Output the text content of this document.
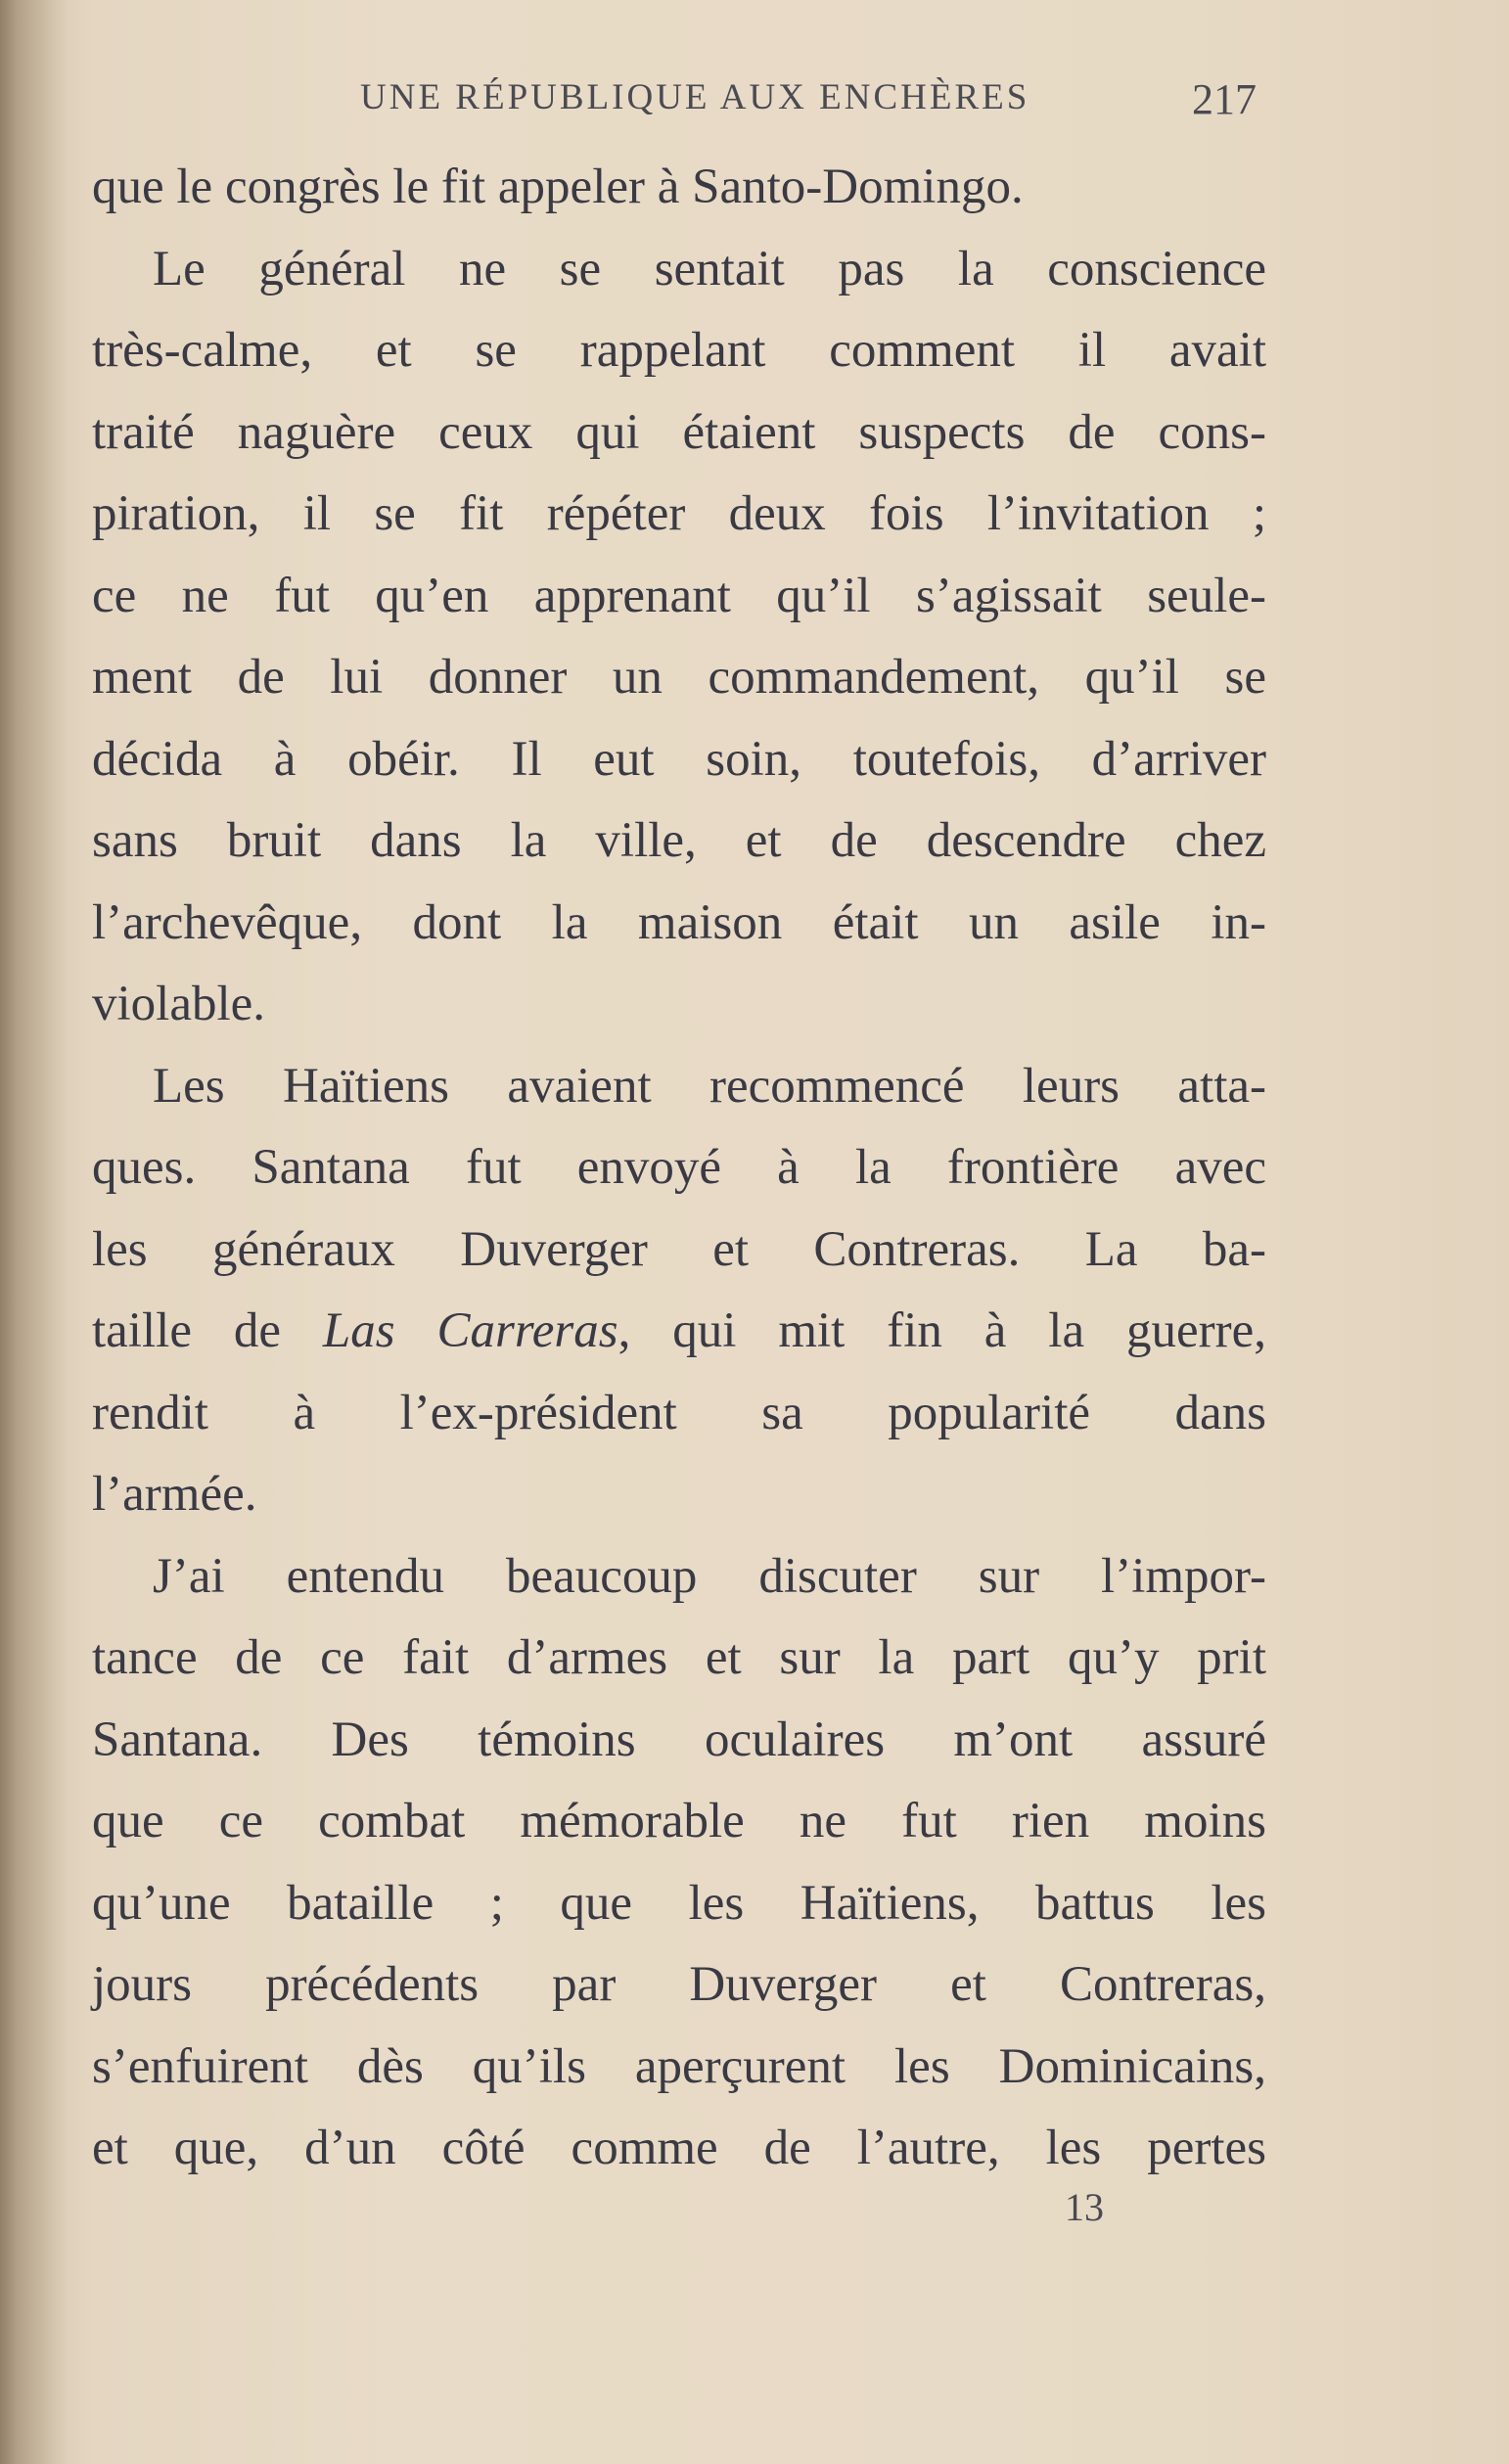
UNE RÉPUBLIQUE AUX ENCHÈRES	217
que le congrès le fit appeler à Santo-Domingo.
Le général ne se sentait pas la conscience
très-calme, et se rappelant comment il avait
traité naguère ceux qui étaient suspects de cons-
piration, il se fit répéter deux fois l’invitation ;
ce ne fut qu’en apprenant qu’il s’agissait seule-
ment de lui donner un commandement, qu’il se
décida à obéir. Il eut soin, toutefois, d’arriver
sans bruit dans la ville, et de descendre chez
l’archevêque, dont la maison était un asile in-
violable.
Les Haïtiens avaient recommencé leurs atta-
ques. Santana fut envoyé à la frontière avec
les généraux Duverger et Contreras. La ba-
taille de Las Carreras, qui mit fin à la guerre,
rendit à l’ex-président sa popularité dans
l’armée.
J’ai entendu beaucoup discuter sur l’impor-
tance de ce fait d’armes et sur la part qu’y prit
Santana. Des témoins oculaires m’ont assuré
que ce combat mémorable ne fut rien moins
qu’une bataille ; que les Haïtiens, battus les
jours précédents par Duverger et Contreras,
s’enfuirent dès qu’ils aperçurent les Dominicains,
et que, d’un côté comme de l’autre, les pertes
13
